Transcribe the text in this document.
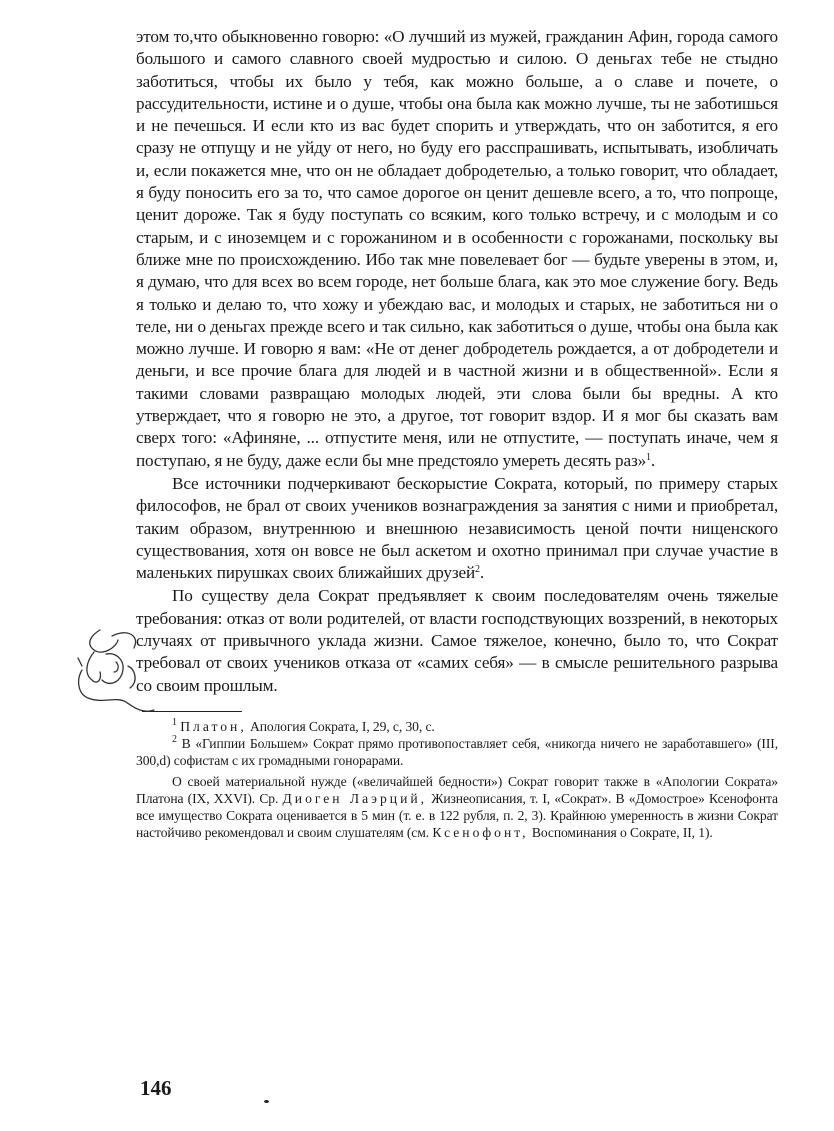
этом то,что обыкновенно говорю: «О лучший из мужей, гражданин Афин, города самого большого и самого славного своей мудростью и силою. О деньгах тебе не стыдно заботиться, чтобы их было у тебя, как можно больше, а о славе и почете, о рассудительности, истине и о душе, чтобы она была как можно лучше, ты не заботишься и не печешься. И если кто из вас будет спорить и утверждать, что он заботится, я его сразу не отпущу и не уйду от него, но буду его расспрашивать, испытывать, изобличать и, если покажется мне, что он не обладает добродетелью, а только говорит, что обладает, я буду поносить его за то, что самое дорогое он ценит дешевле всего, а то, что попроще, ценит дороже. Так я буду поступать со всяким, кого только встречу, и с молодым и со старым, и с иноземцем и с горожанином и в особенности с горожанами, поскольку вы ближе мне по происхождению. Ибо так мне повелевает бог — будьте уверены в этом, и, я думаю, что для всех во всем городе, нет больше блага, как это мое служение богу. Ведь я только и делаю то, что хожу и убеждаю вас, и молодых и старых, не заботиться ни о теле, ни о деньгах прежде всего и так сильно, как заботиться о душе, чтобы она была как можно лучше. И говорю я вам: «Не от денег добродетель рождается, а от добродетели и деньги, и все прочие блага для людей и в частной жизни и в общественной». Если я такими словами развращаю молодых людей, эти слова были бы вредны. А кто утверждает, что я говорю не это, а другое, тот говорит вздор. И я мог бы сказать вам сверх того: «Афиняне, ... отпустите меня, или не отпустите, — поступать иначе, чем я поступаю, я не буду, даже если бы мне предстояло умереть десять раз»$^1$.

Все источники подчеркивают бескорыстие Сократа, который, по примеру старых философов, не брал от своих учеников вознаграждения за занятия с ними и приобретал, таким образом, внутреннюю и внешнюю независимость ценой почти нищенского существования, хотя он вовсе не был аскетом и охотно принимал при случае участие в маленьких пирушках своих ближайших друзей$^2$.

По существу дела Сократ предъявляет к своим последователям очень тяжелые требования: отказ от воли родителей, от власти господствующих воззрений, в некоторых случаях от привычного уклада жизни. Самое тяжелое, конечно, было то, что Сократ требовал от своих учеников отказа от «самих себя» — в смысле решительного разрыва со своим прошлым.

$^1$ Платон, Апология Сократа, I, 29, с, 30, с.

$^2$ В «Гиппии Большем» Сократ прямо противопоставляет себя, «никогда ничего не заработавшего» (III, 300,d) софистам с их громадными гонорарами.

О своей материальной нужде («величайшей бедности») Сократ говорит также в «Апологии Сократа» Платона (IX, XXVI). Ср. Диоген Лаэрций, Жизнеописания, т. I, «Сократ». В «Домострое» Ксенофонта все имущество Сократа оценивается в 5 мин (т. е. в 122 рубля, п. 2, 3). Крайнюю умеренность в жизни Сократ настойчиво рекомендовал и своим слушателям (см. Ксенофонт, Воспоминания о Сократе, II, 1).

146
